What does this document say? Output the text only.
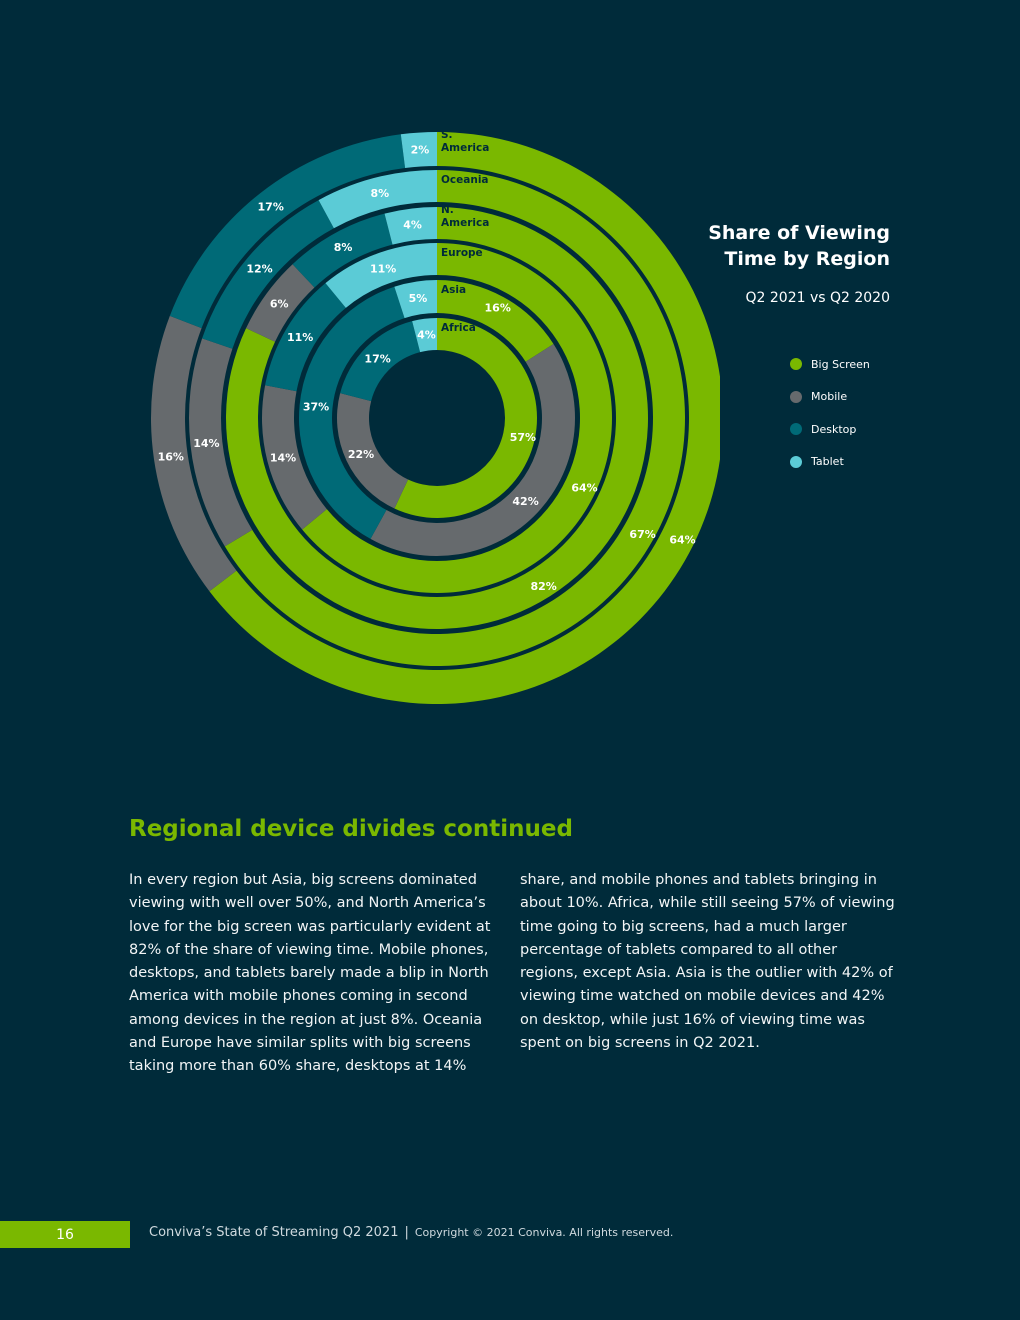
57%
22%
17%
4%
Africa
16%
42%
37%
5%
Asia
64%
14%
11%
11%
Europe
82%
6%
8%
4%
N. America
67%
14%
12%
8%
Oceania
64%
16%
17%
2%
S. America
Share of Viewing Time by Region
Q2 2021 vs Q2 2020
Big Screen
Mobile
Desktop
Tablet
Regional device divides continued
In every region but Asia, big screens dominated viewing with well over 50%, and North America’s love for the big screen was particularly evident at 82% of the share of viewing time. Mobile phones, desktops, and tablets barely made a blip in North America with mobile phones coming in second among devices in the region at just 8%. Oceania and Europe have similar splits with big screens taking more than 60% share, desktops at 14%
share, and mobile phones and tablets bringing in about 10%. Africa, while still seeing 57% of viewing time going to big screens, had a much larger percentage of tablets compared to all other regions, except Asia. Asia is the outlier with 42% of viewing time watched on mobile devices and 42% on desktop, while just 16% of viewing time was spent on big screens in Q2 2021.
16	Conviva’s State of Streaming Q2 2021 | Copyright © 2021 Conviva. All rights reserved.
